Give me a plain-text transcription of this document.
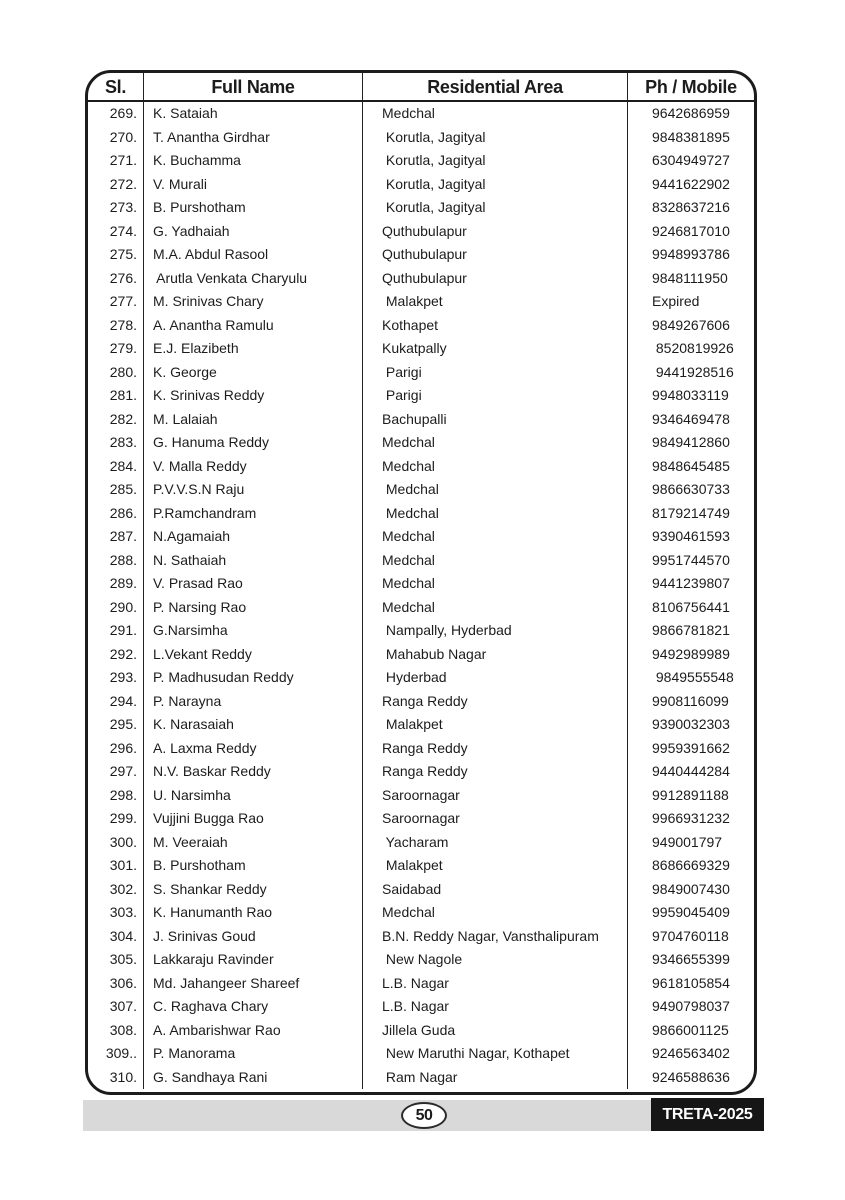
Sl.	Full Name	Residential Area	Ph / Mobile
269.	K. Sataiah	Medchal	9642686959
270.	T. Anantha Girdhar	Korutla, Jagityal	9848381895
271.	K. Buchamma	Korutla, Jagityal	6304949727
272.	V. Murali	Korutla, Jagityal	9441622902
273.	B. Purshotham	Korutla, Jagityal	8328637216
274.	G. Yadhaiah	Quthubulapur	9246817010
275.	M.A. Abdul Rasool	Quthubulapur	9948993786
276.	Arutla Venkata Charyulu	Quthubulapur	9848111950
277.	M. Srinivas Chary	Malakpet	Expired
278.	A. Anantha Ramulu	Kothapet	9849267606
279.	E.J. Elazibeth	Kukatpally	8520819926
280.	K. George	Parigi	9441928516
281.	K. Srinivas Reddy	Parigi	9948033119
282.	M. Lalaiah	Bachupalli	9346469478
283.	G. Hanuma Reddy	Medchal	9849412860
284.	V. Malla Reddy	Medchal	9848645485
285.	P.V.V.S.N Raju	Medchal	9866630733
286.	P.Ramchandram	Medchal	8179214749
287.	N.Agamaiah	Medchal	9390461593
288.	N. Sathaiah	Medchal	9951744570
289.	V. Prasad Rao	Medchal	9441239807
290.	P. Narsing Rao	Medchal	8106756441
291.	G.Narsimha	Nampally, Hyderbad	9866781821
292.	L.Vekant Reddy	Mahabub Nagar	9492989989
293.	P. Madhusudan Reddy	Hyderbad	9849555548
294.	P. Narayna	Ranga Reddy	9908116099
295.	K. Narasaiah	Malakpet	9390032303
296.	A. Laxma Reddy	Ranga Reddy	9959391662
297.	N.V. Baskar Reddy	Ranga Reddy	9440444284
298.	U. Narsimha	Saroornagar	9912891188
299.	Vujjini Bugga Rao	Saroornagar	9966931232
300.	M. Veeraiah	Yacharam	949001797
301.	B. Purshotham	Malakpet	8686669329
302.	S. Shankar Reddy	Saidabad	9849007430
303.	K. Hanumanth Rao	Medchal	9959045409
304.	J. Srinivas Goud	B.N. Reddy Nagar, Vansthalipuram	9704760118
305.	Lakkaraju Ravinder	New Nagole	9346655399
306.	Md. Jahangeer Shareef	L.B. Nagar	9618105854
307.	C. Raghava Chary	L.B. Nagar	9490798037
308.	A. Ambarishwar Rao	Jillela Guda	9866001125
309..	P. Manorama	New Maruthi Nagar, Kothapet	9246563402
310.	G. Sandhaya Rani	Ram Nagar	9246588636
50	TRETA-2025
